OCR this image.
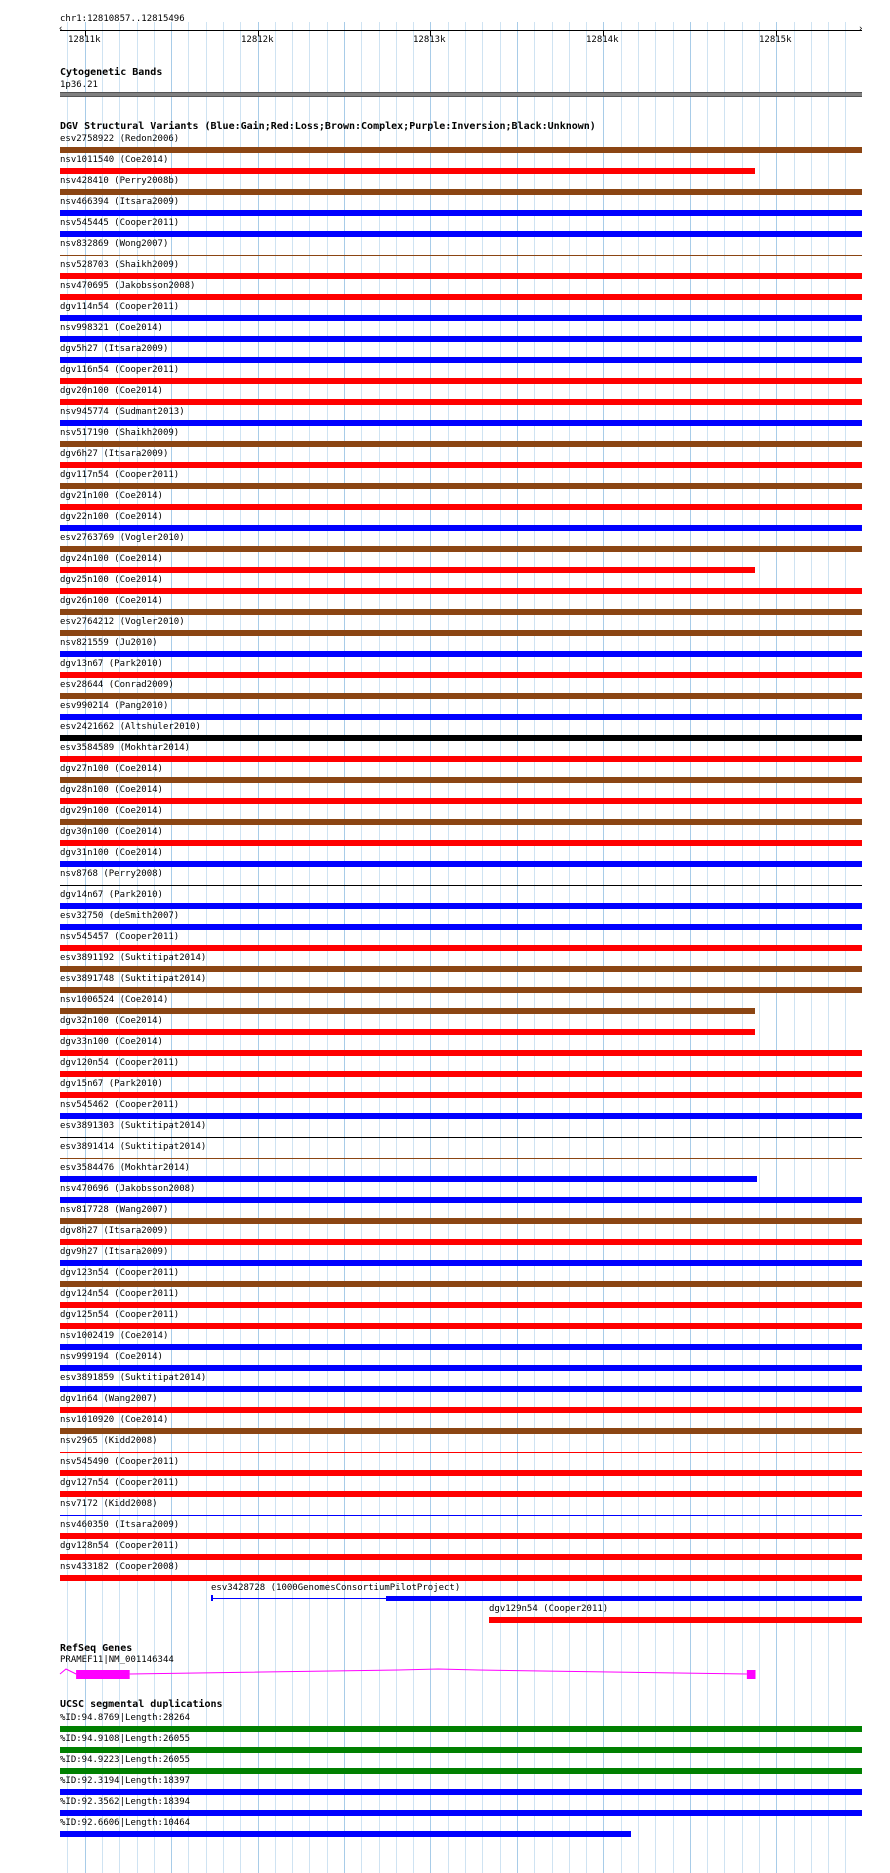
chr1:12810857..12815496
‹	›
12811k	12812k	12813k	12814k	12815k
Cytogenetic Bands
1p36.21
DGV Structural Variants (Blue:Gain;Red:Loss;Brown:Complex;Purple:Inversion;Black:Unknown)
esv2758922 (Redon2006)
nsv1011540 (Coe2014)
nsv428410 (Perry2008b)
nsv466394 (Itsara2009)
nsv545445 (Cooper2011)
nsv832869 (Wong2007)
nsv528703 (Shaikh2009)
nsv470695 (Jakobsson2008)
dgv114n54 (Cooper2011)
nsv998321 (Coe2014)
dgv5h27 (Itsara2009)
dgv116n54 (Cooper2011)
dgv20n100 (Coe2014)
nsv945774 (Sudmant2013)
nsv517190 (Shaikh2009)
dgv6h27 (Itsara2009)
dgv117n54 (Cooper2011)
dgv21n100 (Coe2014)
dgv22n100 (Coe2014)
esv2763769 (Vogler2010)
dgv24n100 (Coe2014)
dgv25n100 (Coe2014)
dgv26n100 (Coe2014)
esv2764212 (Vogler2010)
nsv821559 (Ju2010)
dgv13n67 (Park2010)
esv28644 (Conrad2009)
esv990214 (Pang2010)
esv2421662 (Altshuler2010)
esv3584589 (Mokhtar2014)
dgv27n100 (Coe2014)
dgv28n100 (Coe2014)
dgv29n100 (Coe2014)
dgv30n100 (Coe2014)
dgv31n100 (Coe2014)
nsv8768 (Perry2008)
dgv14n67 (Park2010)
esv32750 (deSmith2007)
nsv545457 (Cooper2011)
esv3891192 (Suktitipat2014)
esv3891748 (Suktitipat2014)
nsv1006524 (Coe2014)
dgv32n100 (Coe2014)
dgv33n100 (Coe2014)
dgv120n54 (Cooper2011)
dgv15n67 (Park2010)
nsv545462 (Cooper2011)
esv3891303 (Suktitipat2014)
esv3891414 (Suktitipat2014)
esv3584476 (Mokhtar2014)
nsv470696 (Jakobsson2008)
nsv817728 (Wang2007)
dgv8h27 (Itsara2009)
dgv9h27 (Itsara2009)
dgv123n54 (Cooper2011)
dgv124n54 (Cooper2011)
dgv125n54 (Cooper2011)
nsv1002419 (Coe2014)
nsv999194 (Coe2014)
esv3891859 (Suktitipat2014)
dgv1n64 (Wang2007)
nsv1010920 (Coe2014)
nsv2965 (Kidd2008)
nsv545490 (Cooper2011)
dgv127n54 (Cooper2011)
nsv7172 (Kidd2008)
nsv460350 (Itsara2009)
dgv128n54 (Cooper2011)
nsv433182 (Cooper2008)
esv3428728 (1000GenomesConsortiumPilotProject)
dgv129n54 (Cooper2011)
RefSeq Genes
PRAMEF11|NM_001146344
UCSC segmental duplications
%ID:94.8769|Length:28264
%ID:94.9108|Length:26055
%ID:94.9223|Length:26055
%ID:92.3194|Length:18397
%ID:92.3562|Length:18394
%ID:92.6606|Length:10464
